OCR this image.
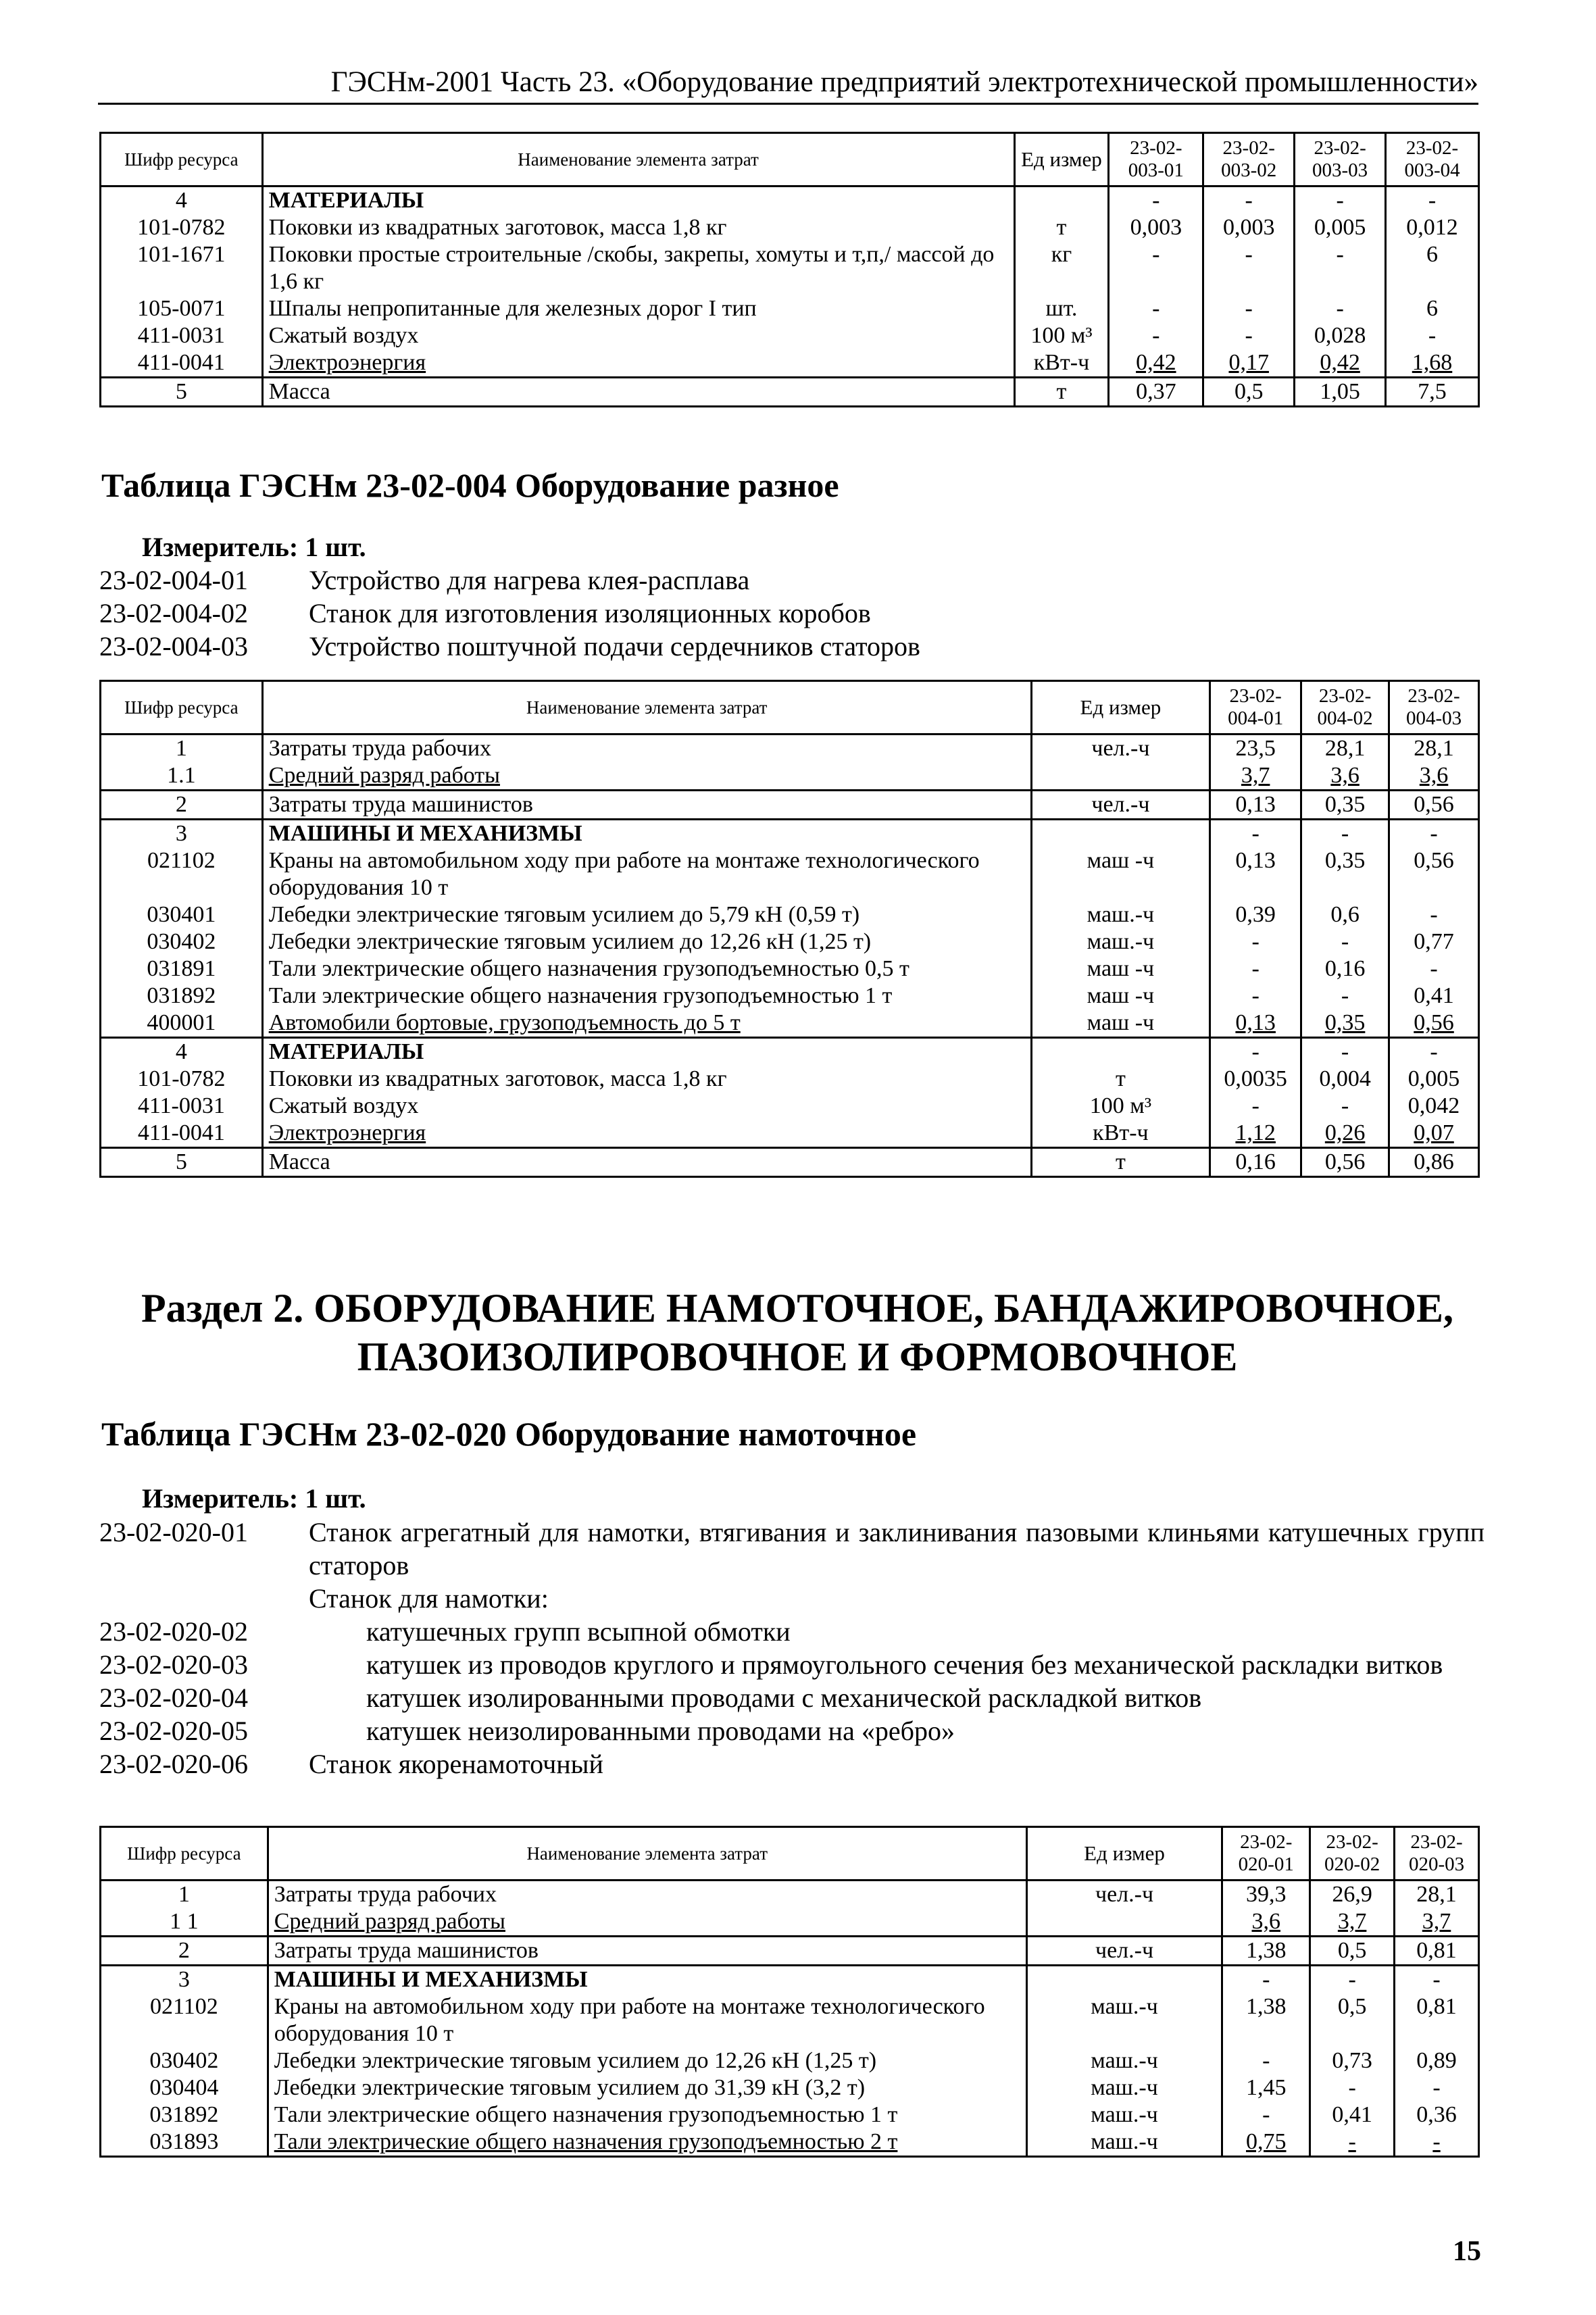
ГЭСНм-2001 Часть 23. «Оборудование предприятий электротехнической промышленности»
Шифр ресурса	Наименование элемента затрат	Ед измер	23-02-003-01	23-02-003-02	23-02-003-03	23-02-003-04
4	МАТЕРИАЛЫ		-	-	-	-
101-0782	Поковки из квадратных заготовок, масса 1,8 кг	т	0,003	0,003	0,005	0,012
101-1671	Поковки простые строительные /скобы, закрепы, хомуты и т,п,/ массой до 1,6 кг	кг	-	-	-	6
105-0071	Шпалы непропитанные для железных дорог I тип	шт.	-	-	-	6
411-0031	Сжатый воздух	100 м³	-	-	0,028	-
411-0041	Электроэнергия	кВт-ч	0,42	0,17	0,42	1,68
5	Масса	т	0,37	0,5	1,05	7,5
Таблица ГЭСНм 23-02-004 Оборудование разное
Измеритель: 1 шт.
23-02-004-01	Устройство для нагрева клея-расплава
23-02-004-02	Станок для изготовления изоляционных коробов
23-02-004-03	Устройство поштучной подачи сердечников статоров
Шифр ресурса	Наименование элемента затрат	Ед измер	23-02-004-01	23-02-004-02	23-02-004-03
1	Затраты труда рабочих	чел.-ч	23,5	28,1	28,1
1.1	Средний разряд работы		3,7	3,6	3,6
2	Затраты труда машинистов	чел.-ч	0,13	0,35	0,56
3	МАШИНЫ И МЕХАНИЗМЫ		-	-	-
021102	Краны на автомобильном ходу при работе на монтаже технологического оборудования 10 т	маш -ч	0,13	0,35	0,56
030401	Лебедки электрические тяговым усилием до 5,79 кН (0,59 т)	маш.-ч	0,39	0,6	-
030402	Лебедки электрические тяговым усилием до 12,26 кН (1,25 т)	маш.-ч	-	-	0,77
031891	Тали электрические общего назначения грузоподъемностью 0,5 т	маш -ч	-	0,16	-
031892	Тали электрические общего назначения грузоподъемностью 1 т	маш -ч	-	-	0,41
400001	Автомобили бортовые, грузоподъемность до 5 т	маш -ч	0,13	0,35	0,56
4	МАТЕРИАЛЫ		-	-	-
101-0782	Поковки из квадратных заготовок, масса 1,8 кг	т	0,0035	0,004	0,005
411-0031	Сжатый воздух	100 м³	-	-	0,042
411-0041	Электроэнергия	кВт-ч	1,12	0,26	0,07
5	Масса	т	0,16	0,56	0,86
Раздел 2. ОБОРУДОВАНИЕ НАМОТОЧНОЕ, БАНДАЖИРОВОЧНОЕ,
ПАЗОИЗОЛИРОВОЧНОЕ И ФОРМОВОЧНОЕ
Таблица ГЭСНм 23-02-020 Оборудование намоточное
Измеритель: 1 шт.
23-02-020-01	Станок агрегатный для намотки, втягивания и заклинивания пазовыми клиньями катушечных групп статоров
Станок для намотки:
23-02-020-02	катушечных групп всыпной обмотки
23-02-020-03	катушек из проводов круглого и прямоугольного сечения без механической раскладки витков
23-02-020-04	катушек изолированными проводами с механической раскладкой витков
23-02-020-05	катушек неизолированными проводами на «ребро»
23-02-020-06	Станок якоренамоточный
Шифр ресурса	Наименование элемента затрат	Ед измер	23-02-020-01	23-02-020-02	23-02-020-03
1	Затраты труда рабочих	чел.-ч	39,3	26,9	28,1
1 1	Средний разряд работы		3,6	3,7	3,7
2	Затраты труда машинистов	чел.-ч	1,38	0,5	0,81
3	МАШИНЫ И МЕХАНИЗМЫ		-	-	-
021102	Краны на автомобильном ходу при работе на монтаже технологического оборудования 10 т	маш.-ч	1,38	0,5	0,81
030402	Лебедки электрические тяговым усилием до 12,26 кН (1,25 т)	маш.-ч	-	0,73	0,89
030404	Лебедки электрические тяговым усилием до 31,39 кН (3,2 т)	маш.-ч	1,45	-	-
031892	Тали электрические общего назначения грузоподъемностью 1 т	маш.-ч	-	0,41	0,36
031893	Тали электрические общего назначения грузоподъемностью 2 т	маш.-ч	0,75	-	-
15
